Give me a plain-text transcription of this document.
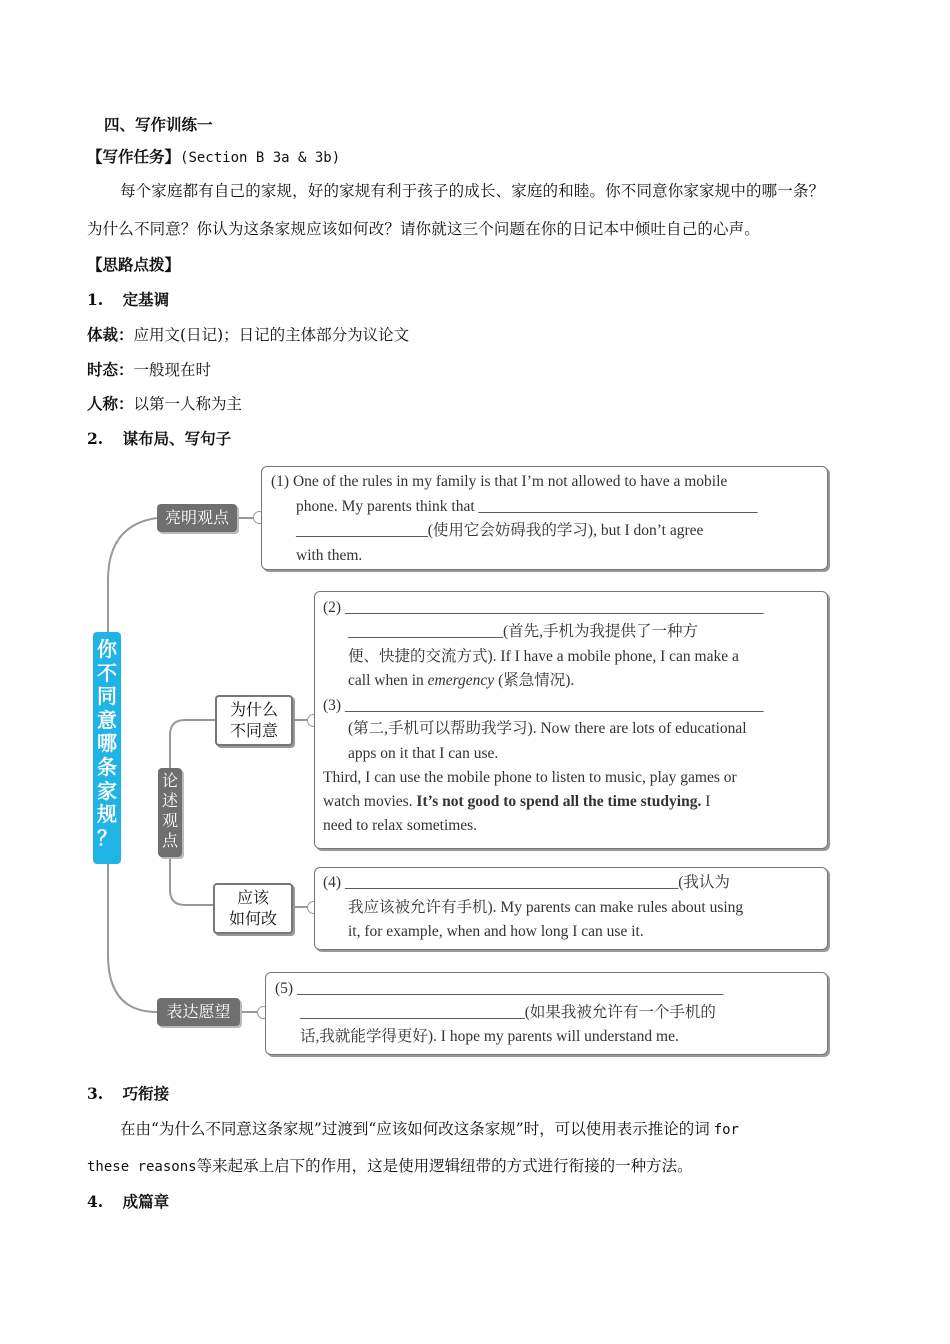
四、写作训练一
【写作任务】(Section B 3a & 3b)
每个家庭都有自己的家规，好的家规有利于孩子的成长、家庭的和睦。你不同意你家家规中的哪一条？
为什么不同意？你认为这条家规应该如何改？请你就这三个问题在你的日记本中倾吐自己的心声。
【思路点拨】
1. 定基调
体裁：应用文(日记)；日记的主体部分为议论文
时态：一般现在时
人称：以第一人称为主
2. 谋布局、写句子
你
不
同
意
哪
条
家
规
？
论
述
观
点
亮明观点
表达愿望
为什么
不同意
应该
如何改
(1) One of the rules in my family is that I’m not allowed to have a mobile
phone. My parents think that ____________________________________
_________________(使用它会妨碍我的学习), but I don’t agree
with them.
(2) ______________________________________________________
____________________(首先,手机为我提供了一种方
便、快捷的交流方式). If I have a mobile phone, I can make a
call when in emergency (紧急情况).
(3) ______________________________________________________
(第二,手机可以帮助我学习). Now there are lots of educational
apps on it that I can use.
Third, I can use the mobile phone to listen to music, play games or
watch movies. It’s not good to spend all the time studying. I
need to relax sometimes.
(4) ___________________________________________(我认为
我应该被允许有手机). My parents can make rules about using
it, for example, when and how long I can use it.
(5) _______________________________________________________
_____________________________(如果我被允许有一个手机的
话,我就能学得更好). I hope my parents will understand me.
3. 巧衔接
在由“为什么不同意这条家规”过渡到“应该如何改这条家规”时，可以使用表示推论的词 for
these reasons等来起承上启下的作用，这是使用逻辑纽带的方式进行衔接的一种方法。
4. 成篇章
